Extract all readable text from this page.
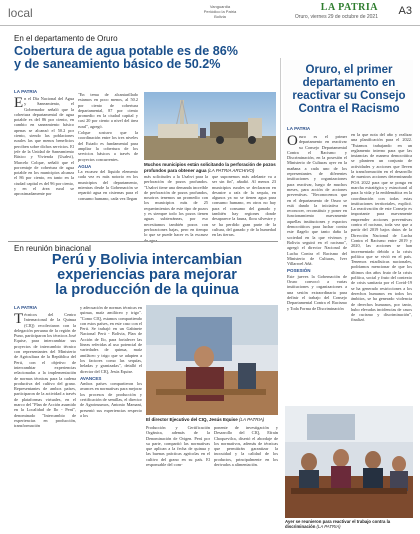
local	Vanguardia
Periódico la Patria Bolivia
LA PATRIA
Oruro, viernes 29 de octubre de 2021 A3
En el departamento de Oruro
Cobertura de agua potable es de 86%
y de saneamiento básico de 50.2%
LA PATRIA
En el Día Nacional del Agua y Saneamiento, el Gobernador señaló que la cobertura departamental de agua potable es del 86 por ciento, en cambio en saneamiento básico apenas se alcanzó el 50.2 por ciento, siendo las poblaciones rurales las que menos beneficios perciben sobre dichos servicios. El jefe de la Unidad de Saneamiento Básico y Vivienda (Usabvi), Marcelo Colque, señaló que el porcentaje de cobertura de agua potable en los municipios alcanza el 86 por ciento, en tanto en la ciudad capital es del 96 por ciento, y en el área rural se aproximadamente por

"En tema de alcantarillado estamos en poco menos, al 50.2 por ciento de cobertura departamental, 87 por ciento promedio en la ciudad capital y casi 20 por ciento a nivel del área rural", agregó.

Colque sostuvo que la coordinación entre los tres niveles del Estado es fundamental para ampliar la cobertura de los servicios básicos a través de proyectos concurrentes.

AGUA

La escasez del líquido elemento cada vez es más notorio en los municipios del departamento, mientras desde la Gobernación se repartió agua en cisternas para el consumo humano, cada vez llegan

Muchos municipios están solicitando la perforación de pozos profundos para obtener agua (LA PATRIA ARCHIVO)

más solicitudes a la Usabvi para la perforación de pozos profundos. "Usabvi tiene una demanda increíble de perforación de pozos profundos, nosotros tenemos un promedio con los municipios más de 25 requerimientos de este tipo de pozos y es siempre todo los pozos tienen aguas subterráneas, por eso necesitamos también pozos con perforaciones bajas, pero en tiempo lo que se puede hacer es la escasez

que suponemos más adelante va a ser sin fin", añadió. Al menos 23 municipios rurales se declararon en desastre a raíz de la sequía, en algunos ya no se tienen agua para consumo humano, en otros no hay para el consumo del ganado y también hay regiones donde desaparece la fauna, flora silvestre y se ha perdido gran parte de la cultura, del ganado y de la humedad en las tierras.

Oruro, el primer departamento en reactivar su Consejo Contra el Racismo
LA PATRIA
Oruro es el primer departamento en reactivar su Consejo Departamental Contra el Racismo y Discriminación, en la posesión el Ministerio de Culturas ayer en la mañana a cada uno de los representantes de diferentes instituciones y organizaciones para reactivar, luego de muchos meses, para acción de acciones preventivas. "Reconocemos que en el departamento de Oruro se está dando la iniciativa en reconocer, reconstituir y poner en funcionamiento nuevamente aquellas instituciones y espacios democráticos para luchar contra este flagelo que tanto daña la sociedad en la que vivimos y Bolivia seguirá en el racismo", agregó el director Nacional de Lucha Contra el Racismo del Ministerio de Culturas, Iver Villarroel Añá.

POSESIÓN

Este jueves la Gobernación de Oruro convocó a varias instituciones y organizaciones a una sesión extraordinaria para definir el trabajo del Consejo Departamental Contra el Racismo y Toda Forma de Discriminación

en la que nota del año y realizar una planificación para el 2022. "Estamos trabajando en un reglamento interno para que las instancias de manera democrática se planteen un conjunto de actividades y acciones que lleven la transformación en el desarrollo de nuestros acciones determinando POA 2022 para que se ponga en marcha estratégica y estructural al para la vida y la emblemática en la coordinación con todas estas instituciones territoriales, explicó. La reactivación de este Consejo es importante para nuevamente emprender acciones preventivas contra el racismo, toda vez que a partir del 2019 bajos datos de la Dirección Nacional de Lucha Contra el Racismo entre 2019 y 2020, las acciones se han incrementado debido a la crisis política que se vivió en el país. Tenemos estadísticas nacionales, podríamos mencionar de que los últimos dos años fruto de la crisis política, social y fruto del contexto de crisis sanitaria por el Covid-19 se ha generado restricciones a los derechos humanos en todos los ámbitos, se ha generado violencia de derechos humanos, por tanto, hubo elevadas incidencias de casos de racismo y discriminación", finalizó.

En reunión binacional
Perú y Bolivia intercambian
experiencias para mejorar
la producción de la quinua
LA PATRIA
Técnicos del Centro Internacional de la Quinua (CIQ) recolectaron con la delegación peruana de la región de Puno, participaron los técnicos José Equise, para intercambiar sus proyectos de intercambio técnico con representantes del Ministerio de Agricultura de la República del Perú, con el objetivo de intercambiar experiencias relacionadas a la implementación de normas técnicas para la cadena productiva del cultivo del grano. Representantes de ambos países, participaron de la actividad a través de plataformas virtuales, en el marco del "Plan de Acción asumido en la Localidad de Ilo - Perú", denominado "Intercambio de experiencias en producción, transformación

y adecuación de normas técnicas en quinua, maíz amiláceo y trigo". "Como CIQ, estamos compartiendo con estos países, en este caso con el Perú. Se trabajó en un Gabinete Nacional Perú - Bolivia, Plan de Acción de Ilo, para fortalecer las líneas referidas al uso potencial de variedades de quinua, maíz amiláceo y trigo que se adapten a los factores como las sequías, heladas y granizadas", detalló el director del CIQ, Jesús Equise.

AVANCES

Ambos países compartieron los avances en normativas para mejorar los procesos de producción y certificación de semillas, el director de Agroinsumos, Antonio Mamani, presentó sus experiencias respecto a los

El director Ejecutivo del CIQ, Jesús Equise (LA PATRIA)

Producción y Certificación Orgánica, además de la Denominación de Origen. Perú por su parte, compartió las normativas que aplican a la fecha de quinua y las buenas prácticas agrícolas en el cultivo del grano en su país. El responsable del com-

ponente de investigación y Desarrollo del CIQ, Efraín Choquevilca, disertó el abordaje de los normativos, además de técnicas que permitirán garantizar la inocuidad y la calidad de los productos, principalmente en los derivados a alimentación.

Ayer se reunieron para reactivar el trabajo contra la discriminación (LA PATRIA)
